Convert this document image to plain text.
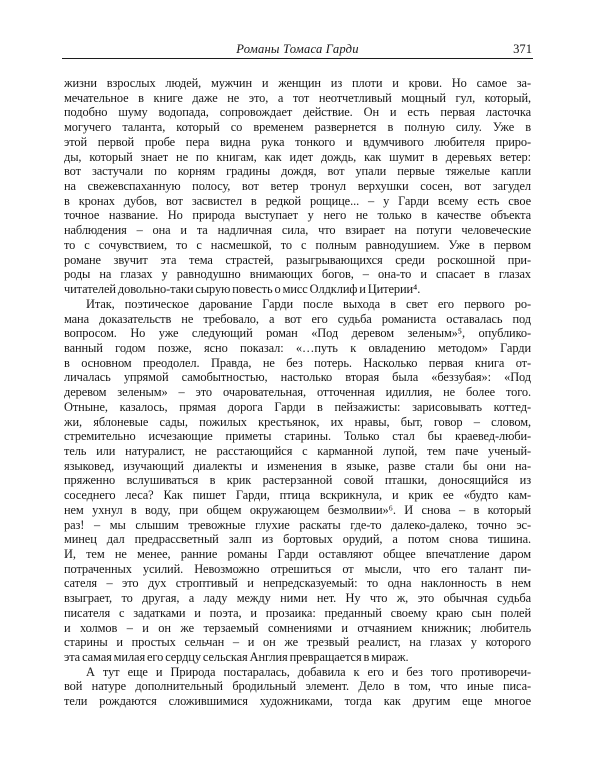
Романы Томаса Гарди	371
жизни взрослых людей, мужчин и женщин из плоти и крови. Но самое за-
мечательное в книге даже не это, а тот неотчетливый мощный гул, который,
подобно шуму водопада, сопровождает действие. Он и есть первая ласточка
могучего таланта, который со временем развернется в полную силу. Уже в
этой первой пробе пера видна рука тонкого и вдумчивого любителя приро-
ды, который знает не по книгам, как идет дождь, как шумит в деревьях ветер:
вот застучали по корням градины дождя, вот упали первые тяжелые капли
на свежевспаханную полосу, вот ветер тронул верхушки сосен, вот загудел
в кронах дубов, вот засвистел в редкой рощице... – у Гарди всему есть свое
точное название. Но природа выступает у него не только в качестве объекта
наблюдения – она и та надличная сила, что взирает на потуги человеческие
то с сочувствием, то с насмешкой, то с полным равнодушием. Уже в первом
романе звучит эта тема страстей, разыгрывающихся среди роскошной при-
роды на глазах у равнодушно внимающих богов, – она-то и спасает в глазах
читателей довольно-таки сырую повесть о мисс Олдклиф и Цитерии⁴.
Итак, поэтическое дарование Гарди после выхода в свет его первого ро-
мана доказательств не требовало, а вот его судьба романиста оставалась под
вопросом. Но уже следующий роман «Под деревом зеленым»⁵, опублико-
ванный годом позже, ясно показал: «…путь к овладению методом» Гарди
в основном преодолел. Правда, не без потерь. Насколько первая книга от-
личалась упрямой самобытностью, настолько вторая была «беззубая»: «Под
деревом зеленым» – это очаровательная, отточенная идиллия, не более того.
Отныне, казалось, прямая дорога Гарди в пейзажисты: зарисовывать коттед-
жи, яблоневые сады, пожилых крестьянок, их нравы, быт, говор – словом,
стремительно исчезающие приметы старины. Только стал бы краевед-люби-
тель или натуралист, не расстающийся с карманной лупой, тем паче ученый-
языковед, изучающий диалекты и изменения в языке, разве стали бы они на-
пряженно вслушиваться в крик растерзанной совой пташки, доносящийся из
соседнего леса? Как пишет Гарди, птица вскрикнула, и крик ее «будто кам-
нем ухнул в воду, при общем окружающем безмолвии»⁶. И снова – в который
раз! – мы слышим тревожные глухие раскаты где-то далеко-далеко, точно эс-
минец дал предрассветный залп из бортовых орудий, а потом снова тишина.
И, тем не менее, ранние романы Гарди оставляют общее впечатление даром
потраченных усилий. Невозможно отрешиться от мысли, что его талант пи-
сателя – это дух строптивый и непредсказуемый: то одна наклонность в нем
взыграет, то другая, а ладу между ними нет. Ну что ж, это обычная судьба
писателя с задатками и поэта, и прозаика: преданный своему краю сын полей
и холмов – и он же терзаемый сомнениями и отчаянием книжник; любитель
старины и простых сельчан – и он же трезвый реалист, на глазах у которого
эта самая милая его сердцу сельская Англия превращается в мираж.
А тут еще и Природа постаралась, добавила к его и без того противоречи-
вой натуре дополнительный бродильный элемент. Дело в том, что иные писа-
тели рождаются сложившимися художниками, тогда как другим еще многое
